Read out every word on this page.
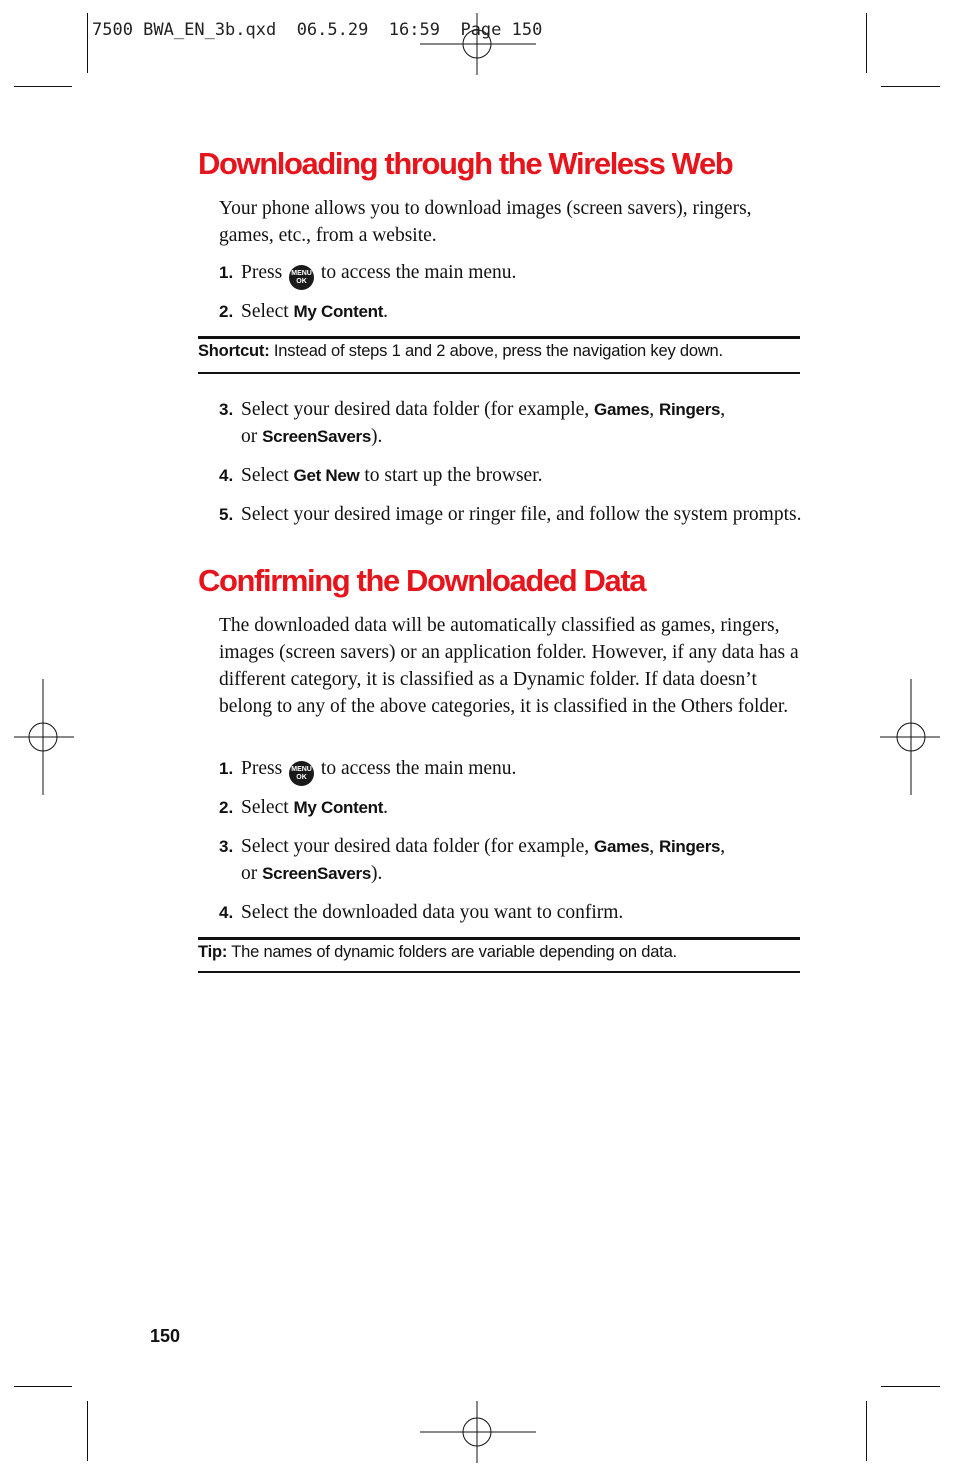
7500 BWA_EN_3b.qxd  06.5.29  16:59  Page 150
Downloading through the Wireless Web
Your phone allows you to download images (screen savers), ringers, games, etc., from a website.
1. Press MENU
OK to access the main menu.
2. Select My Content.
Shortcut: Instead of steps 1 and 2 above, press the navigation key down.
3. Select your desired data folder (for example, Games, Ringers,
or ScreenSavers).
4. Select Get New to start up the browser.
5. Select your desired image or ringer file, and follow the system prompts.
Confirming the Downloaded Data
The downloaded data will be automatically classified as games, ringers, images (screen savers) or an application folder. However, if any data has a different category, it is classified as a Dynamic folder. If data doesn’t belong to any of the above categories, it is classified in the Others folder.
1. Press MENU
OK to access the main menu.
2. Select My Content.
3. Select your desired data folder (for example, Games, Ringers,
or ScreenSavers).
4. Select the downloaded data you want to confirm.
Tip: The names of dynamic folders are variable depending on data.
150
